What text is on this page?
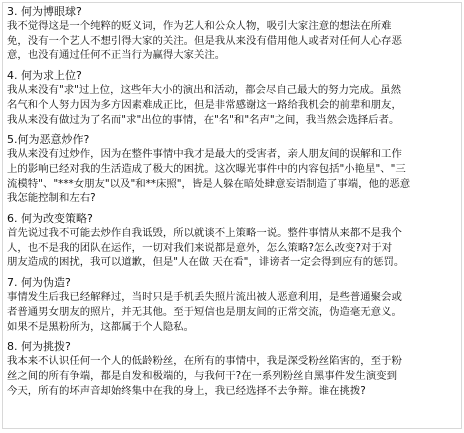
3. 何为博眼球?

我不觉得这是一个纯粹的贬义词，作为艺人和公众人物，吸引大家注意的想法在所难

免，没有一个艺人不想引得大家的关注。但是我从来没有借用他人或者对任何人心存恶

意，也没有通过任何不正当行为赢得大家关注。

4. 何为求上位?

我从来没有"求"过上位，这些年大小的演出和活动，都会尽自己最大的努力完成。虽然

名气和个人努力因为多方因素难成正比，但是非常感谢这一路给我机会的前辈和朋友，

我从来没有做过为了名而"求"出位的事情，在"名"和"名声"之间，我当然会选择后者。

5.何为恶意炒作?

我从来没有过炒作，因为在整件事情中我才是最大的受害者，亲人朋友间的误解和工作

上的影响已经对我的生活造成了极大的困扰。这次曝光事件中的内容包括"小艳星"、"三

流模特"、"***女朋友"以及"和**床照"，皆是人躲在暗处肆意妄语制造了事端，他的恶意

我怎能控制和左右?

6. 何为改变策略?

首先说过我不可能去炒作自我诋毁，所以就谈不上策略一说。整件事情从来都不是我个

人，也不是我的团队在运作，一切对我们来说都是意外，怎么策略?怎么改变?对于对

朋友造成的困扰，我可以道歉，但是"人在做 天在看"，诽谤者一定会得到应有的惩罚。

7. 何为伪造?

事情发生后我已经解释过，当时只是手机丢失照片流出被人恶意利用，是些普通聚会或

者普通男女朋友的照片，并无其他。至于短信也是朋友间的正常交流，伪造毫无意义。

如果不是黑粉所为，这都属于个人隐私。

8. 何为挑拨?

我本来不认识任何一个人的低龄粉丝，在所有的事情中，我是深受粉丝陷害的，至于粉

丝之间的所有争端，都是自发和极端的，与我何干?在一系列粉丝自黑事件发生演变到

今天，所有的坏声音却始终集中在我的身上，我已经选择不去争辩。谁在挑拨?
